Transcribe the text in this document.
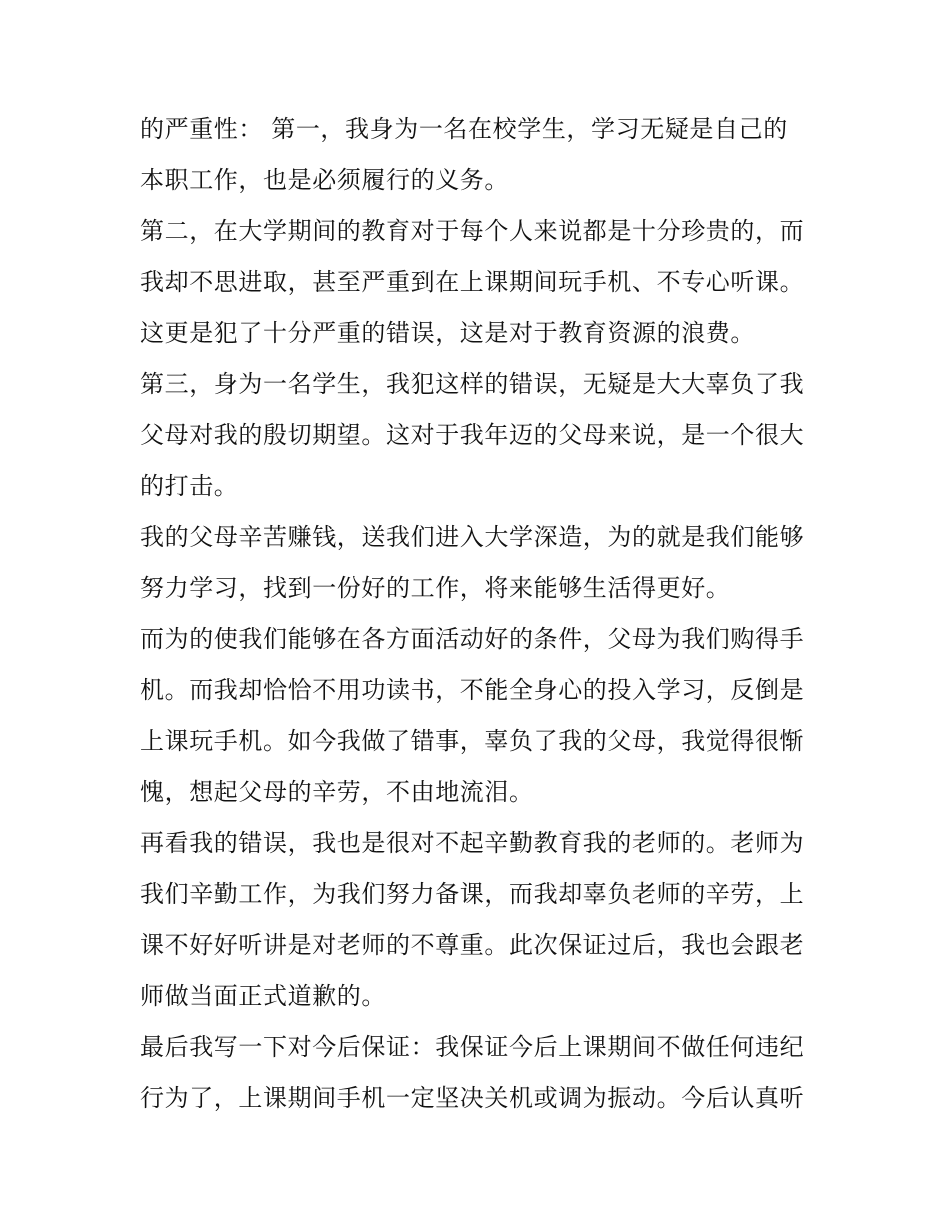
的严重性： 第一，我身为一名在校学生，学习无疑是自己的
本职工作，也是必须履行的义务。
第二，在大学期间的教育对于每个人来说都是十分珍贵的，而
我却不思进取，甚至严重到在上课期间玩手机、不专心听课。
这更是犯了十分严重的错误，这是对于教育资源的浪费。
第三，身为一名学生，我犯这样的错误，无疑是大大辜负了我
父母对我的殷切期望。这对于我年迈的父母来说，是一个很大
的打击。
我的父母辛苦赚钱，送我们进入大学深造，为的就是我们能够
努力学习，找到一份好的工作，将来能够生活得更好。
而为的使我们能够在各方面活动好的条件，父母为我们购得手
机。而我却恰恰不用功读书，不能全身心的投入学习，反倒是
上课玩手机。如今我做了错事，辜负了我的父母，我觉得很惭
愧，想起父母的辛劳，不由地流泪。
再看我的错误，我也是很对不起辛勤教育我的老师的。老师为
我们辛勤工作，为我们努力备课，而我却辜负老师的辛劳，上
课不好好听讲是对老师的不尊重。此次保证过后，我也会跟老
师做当面正式道歉的。
最后我写一下对今后保证：我保证今后上课期间不做任何违纪
行为了，上课期间手机一定坚决关机或调为振动。今后认真听
